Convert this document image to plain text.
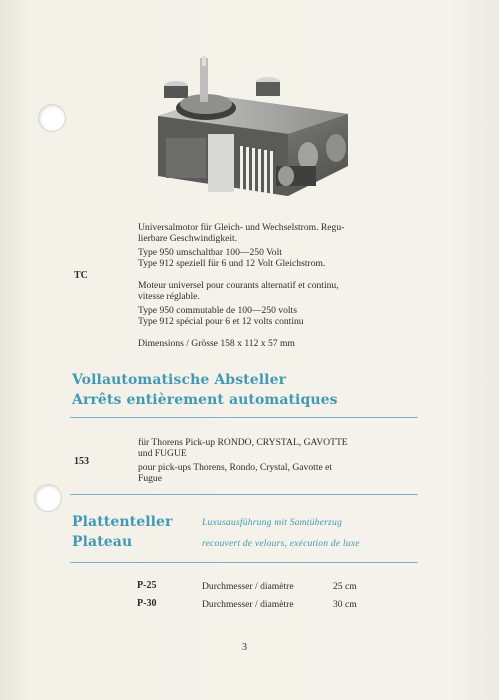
TC
Universalmotor für Gleich- und Wechselstrom. Regu-
lierbare Geschwindigkeit.
Type 950 umschaltbar 100—250 Volt
Type 912 speziell für 6 und 12 Volt Gleichstrom.
Moteur universel pour courants alternatif et continu,
vitesse réglable.
Type 950 commutable de 100—250 volts
Type 912 spécial pour 6 et 12 volts continu
Dimensions / Grösse 158 x 112 x 57 mm
Vollautomatische Absteller
Arrêts entièrement automatiques
153
für Thorens Pick-up RONDO, CRYSTAL, GAVOTTE
und FUGUE
pour pick-ups Thorens, Rondo, Crystal, Gavotte et
Fugue
Plattenteller
Plateau
Luxusausführung mit Samtüberzug
recouvert de velours, exécution de luxe
P-25	Durchmesser / diamètre	25 cm
P-30	Durchmesser / diamètre	30 cm
3
